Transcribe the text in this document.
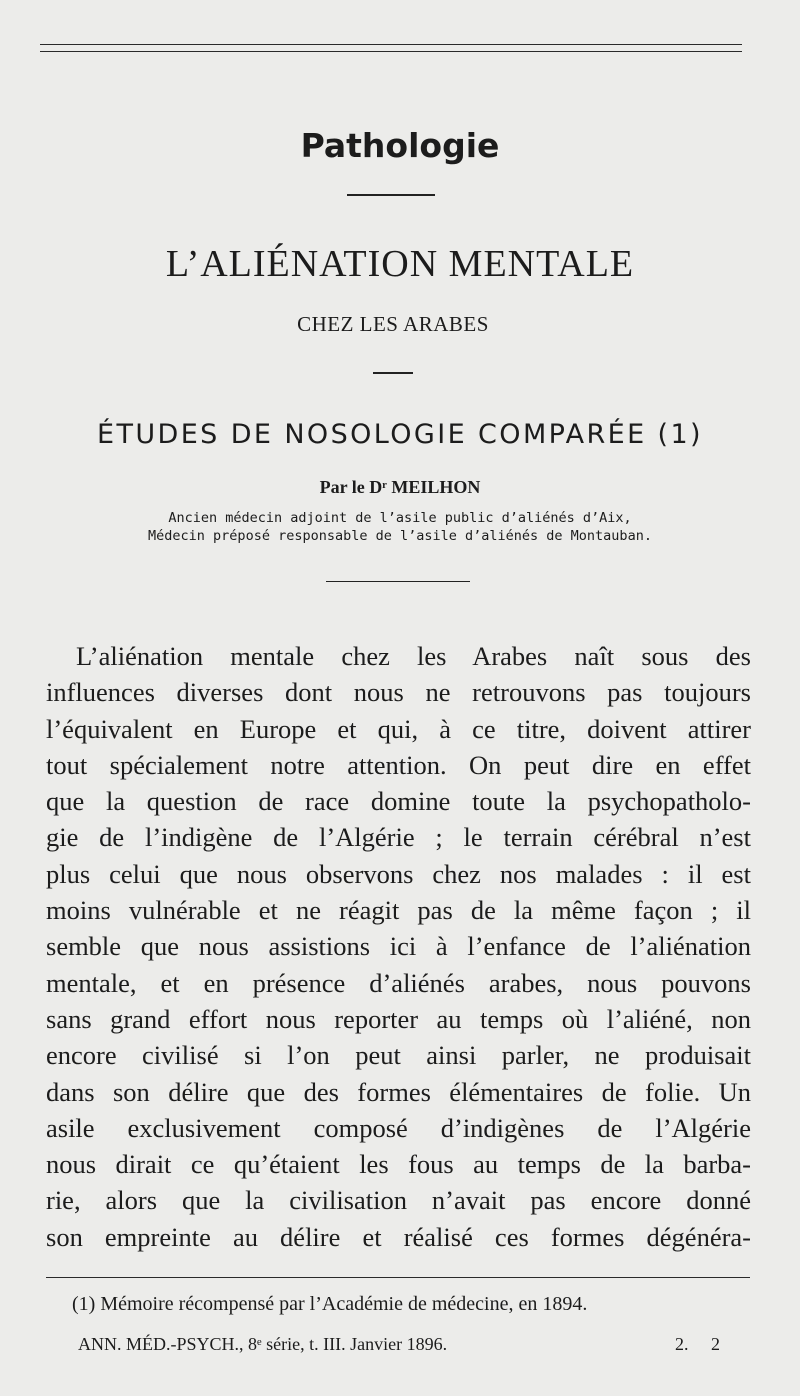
Pathologie
L’ALIÉNATION MENTALE
CHEZ LES ARABES
ÉTUDES DE NOSOLOGIE COMPARÉE (1)
Par le Dʳ MEILHON
Ancien médecin adjoint de l’asile public d’aliénés d’Aix,
Médecin préposé responsable de l’asile d’aliénés de Montauban.
L’aliénation mentale chez les Arabes naît sous des
influences diverses dont nous ne retrouvons pas toujours
l’équivalent en Europe et qui, à ce titre, doivent attirer
tout spécialement notre attention. On peut dire en effet
que la question de race domine toute la psychopatholo-
gie de l’indigène de l’Algérie ; le terrain cérébral n’est
plus celui que nous observons chez nos malades : il est
moins vulnérable et ne réagit pas de la même façon ; il
semble que nous assistions ici à l’enfance de l’aliénation
mentale, et en présence d’aliénés arabes, nous pouvons
sans grand effort nous reporter au temps où l’aliéné, non
encore civilisé si l’on peut ainsi parler, ne produisait
dans son délire que des formes élémentaires de folie. Un
asile exclusivement composé d’indigènes de l’Algérie
nous dirait ce qu’étaient les fous au temps de la barba-
rie, alors que la civilisation n’avait pas encore donné
son empreinte au délire et réalisé ces formes dégénéra-
(1) Mémoire récompensé par l’Académie de médecine, en 1894.
ANN. MÉD.-PSYCH., 8ᵉ série, t. III. Janvier 1896.	2.     2
